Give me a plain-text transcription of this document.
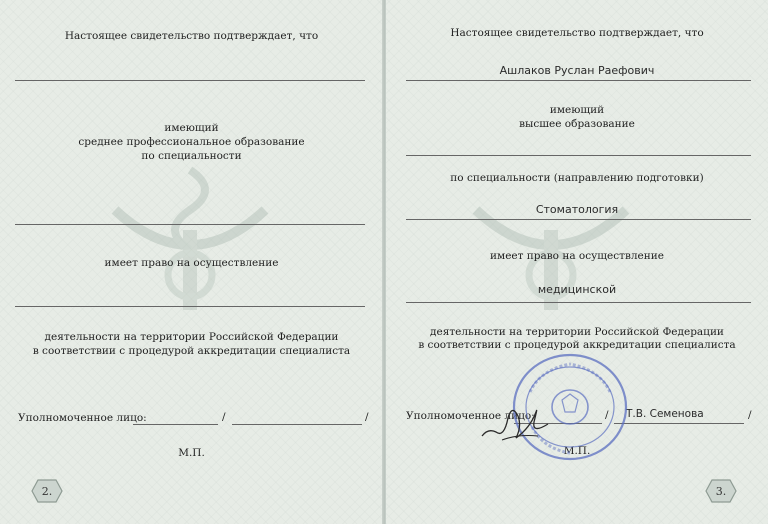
Настоящее свидетельство подтверждает, что
имеющий
среднее профессиональное образование
по специальности
имеет право на осуществление
деятельности на территории Российской Федерации
в соответствии с процедурой аккредитации специалиста
Уполномоченное лицо:	/	/
М.П.
2.
Настоящее свидетельство подтверждает, что
Ашлаков Руслан Раефович
имеющий
высшее образование
по специальности (направлению подготовки)
Стоматология
имеет право на осуществление
медицинской
деятельности на территории Российской Федерации
в соответствии с процедурой аккредитации специалиста
Уполномоченное лицо:	/ Т.В. Семенова	/
М.П.
3.
